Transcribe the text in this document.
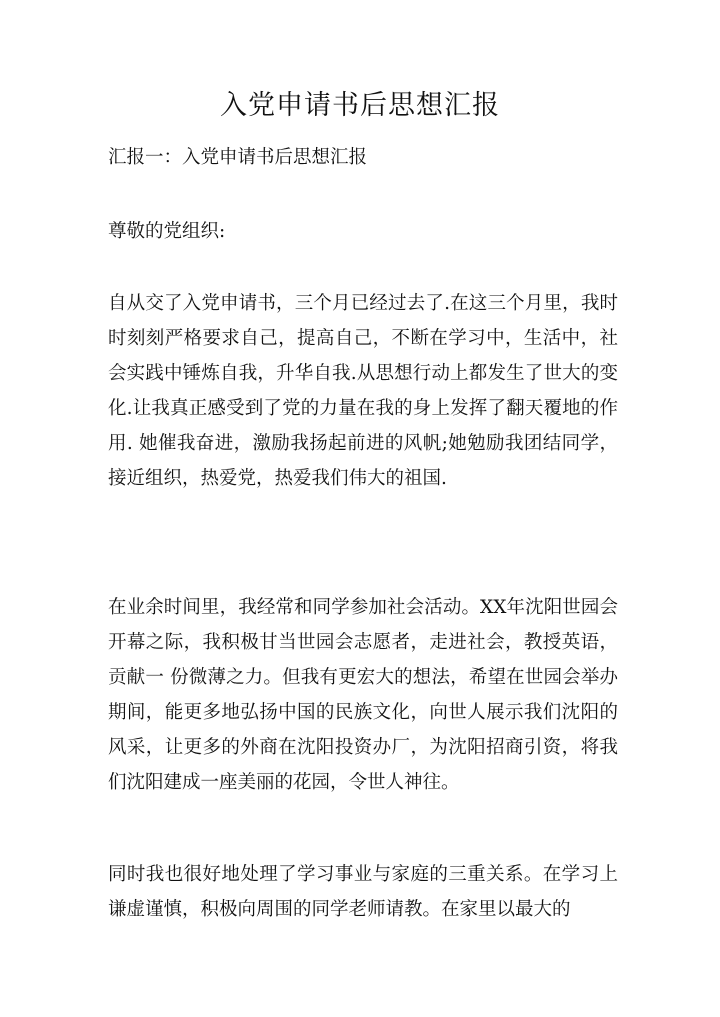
入党申请书后思想汇报

汇报一：入党申请书后思想汇报

尊敬的党组织:

自从交了入党申请书，三个月已经过去了.在这三个月里，我时时刻刻严格要求自己，提高自己，不断在学习中，生活中，社会实践中锤炼自我，升华自我.从思想行动上都发生了世大的变化.让我真正感受到了党的力量在我的身上发挥了翻天覆地的作用. 她催我奋进，激励我扬起前进的风帆;她勉励我团结同学，接近组织，热爱党，热爱我们伟大的祖国.

在业余时间里，我经常和同学参加社会活动。XX年沈阳世园会开幕之际，我积极甘当世园会志愿者，走进社会，教授英语，贡献一 份微薄之力。但我有更宏大的想法，希望在世园会举办期间，能更多地弘扬中国的民族文化，向世人展示我们沈阳的风采，让更多的外商在沈阳投资办厂，为沈阳招商引资，将我们沈阳建成一座美丽的花园，令世人神往。

同时我也很好地处理了学习事业与家庭的三重关系。在学习上谦虚谨慎，积极向周围的同学老师请教。在家里以最大的
